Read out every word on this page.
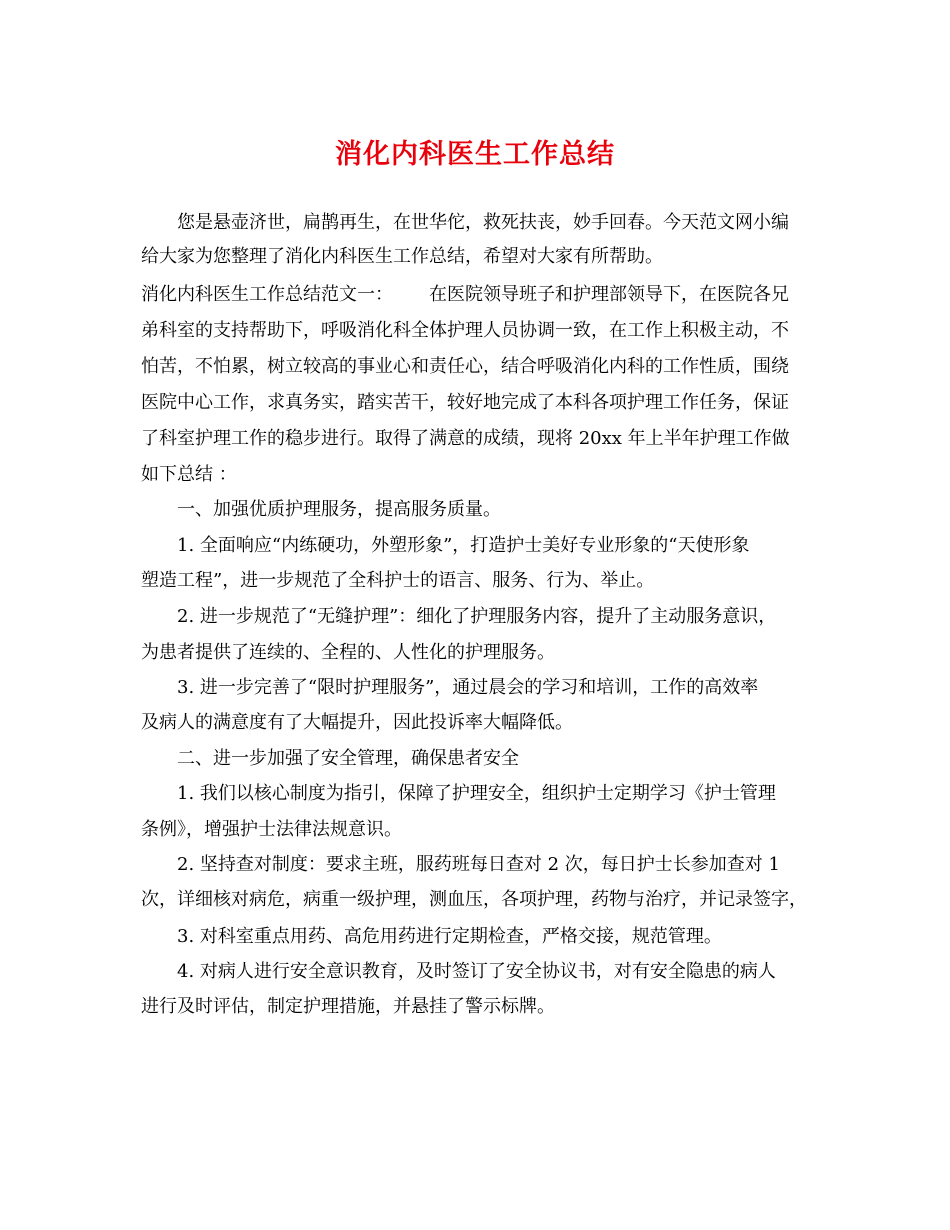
消化内科医生工作总结
您是悬壶济世，扁鹊再生，在世华佗，救死扶丧，妙手回春。今天范文网小编
给大家为您整理了消化内科医生工作总结，希望对大家有所帮助。
消化内科医生工作总结范文一： 在医院领导班子和护理部领导下，在医院各兄
弟科室的支持帮助下，呼吸消化科全体护理人员协调一致，在工作上积极主动，不
怕苦，不怕累，树立较高的事业心和责任心，结合呼吸消化内科的工作性质，围绕
医院中心工作，求真务实，踏实苦干，较好地完成了本科各项护理工作任务，保证
了科室护理工作的稳步进行。取得了满意的成绩，现将 20xx 年上半年护理工作做
如下总结 ：
一、加强优质护理服务，提高服务质量。
1. 全面响应“内练硬功，外塑形象”，打造护士美好专业形象的“天使形象
塑造工程”，进一步规范了全科护士的语言、服务、行为、举止。
2. 进一步规范了“无缝护理”：细化了护理服务内容，提升了主动服务意识，
为患者提供了连续的、全程的、人性化的护理服务。
3. 进一步完善了“限时护理服务”，通过晨会的学习和培训，工作的高效率
及病人的满意度有了大幅提升，因此投诉率大幅降低。
二、进一步加强了安全管理，确保患者安全
1. 我们以核心制度为指引，保障了护理安全，组织护士定期学习《护士管理
条例》，增强护士法律法规意识。
2. 坚持查对制度：要求主班，服药班每日查对 2 次，每日护士长参加查对 1
次，详细核对病危，病重一级护理，测血压，各项护理，药物与治疗，并记录签字，
3. 对科室重点用药、高危用药进行定期检查，严格交接，规范管理。
4. 对病人进行安全意识教育，及时签订了安全协议书，对有安全隐患的病人
进行及时评估，制定护理措施，并悬挂了警示标牌。
